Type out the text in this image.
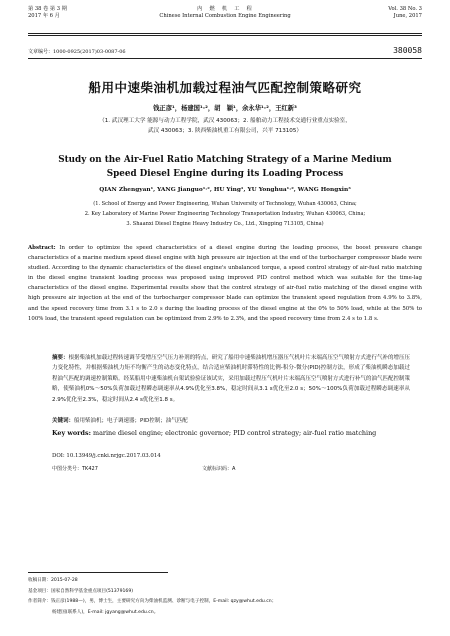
第 38 卷 第 3 期
2017 年 6 月
内　燃　机　工　程
Chinese Internal Combustion Engine Engineering
Vol. 38 No. 3
June, 2017
文章编号：1000-0925(2017)03-0087-06	380058
船用中速柴油机加载过程油气匹配控制策略研究
钱正彦¹，杨建国¹·²，胡　颖¹，余永华¹·²，王红新³
（1. 武汉理工大学 能源与动力工程学院，武汉 430063；2. 船舶动力工程技术交通行业重点实验室，
武汉 430063；3. 陕西柴油机重工有限公司，兴平 713105）
Study on the Air-Fuel Ratio Matching Strategy of a Marine Medium
Speed Diesel Engine during its Loading Process
QIAN Zhengyan¹, YANG Jianguo¹·², HU Ying¹, YU Yonghua¹·², WANG Hongxin³
(1. School of Energy and Power Engineering, Wuhan University of Technology, Wuhan 430063, China;
2. Key Laboratory of Marine Power Engineering Technology Transportation Industry, Wuhan 430063, China;
3. Shaanxi Diesel Engine Heavy Industry Co., Ltd., Xingping 713105, China)
Abstract: In order to optimize the speed characteristics of a diesel engine during the loading process, the boost pressure change characteristics of a marine medium speed diesel engine with high pressure air injection at the end of the turbocharger compressor blade were studied. According to the dynamic characteristics of the diesel engine's unbalanced torque, a speed control strategy of air-fuel ratio matching in the diesel engine transient loading process was proposed using improved PID control method which was suitable for the time-lag characteristics of the diesel engine. Experimental results show that the control strategy of air-fuel ratio matching of the diesel engine with high pressure air injection at the end of the turbocharger compressor blade can optimize the transient speed regulation from 4.9% to 3.8%, and the speed recovery time from 3.1 s to 2.0 s during the loading process of the diesel engine at the 0% to 50% load, while at the 50% to 100% load, the transient speed regulation can be optimized from 2.9% to 2.3%, and the speed recovery time from 2.4 s to 1.8 s.
摘要：根据柴油机加载过程转速调节受增压空气压力补剂的特点，研究了船用中速柴油机增压器压气机叶片末端高压空气喷射方式进行气补的增压压力变化特性，并根据柴油机力矩不均衡产生的动态变化特点，结合适应柴油机时滞特性的比例-积分-微分(PID)控制方法，形成了柴油机瞬态加载过程油气匹配的调速控制策略。经某船用中速柴油机台架试验验证该试实，采用加载过程压气机叶片末端高压空气喷射方式进行补气的油气匹配控制策略，使柴油机0%～50%负荷加载过程瞬态调速率从4.9%优化至3.8%，稳定时间从3.1 s优化至2.0 s；50%～100%负荷加载过程瞬态调速率从2.9%优化至2.3%，稳定时间从2.4 s优化至1.8 s。
关键词：船用柴油机；电子调速器；PID控制；油气匹配
Key words: marine diesel engine; electronic governor; PID control strategy; air-fuel ratio matching
DOI: 10.13949/j.cnki.nrjgc.2017.03.014
中图分类号：TK427	文献标识码：A
收稿日期：2015-07-28
基金项目：国家自然科学基金重点项目(51379169)
作者简介：钱正彦(1988—)，男，博士生，主要研究方向为柴油机监测、诊断与电子控制，E-mail: qzy@whut.edu.cn；
杨建国(联系人)，E-mail: jgyang@whut.edu.cn。
